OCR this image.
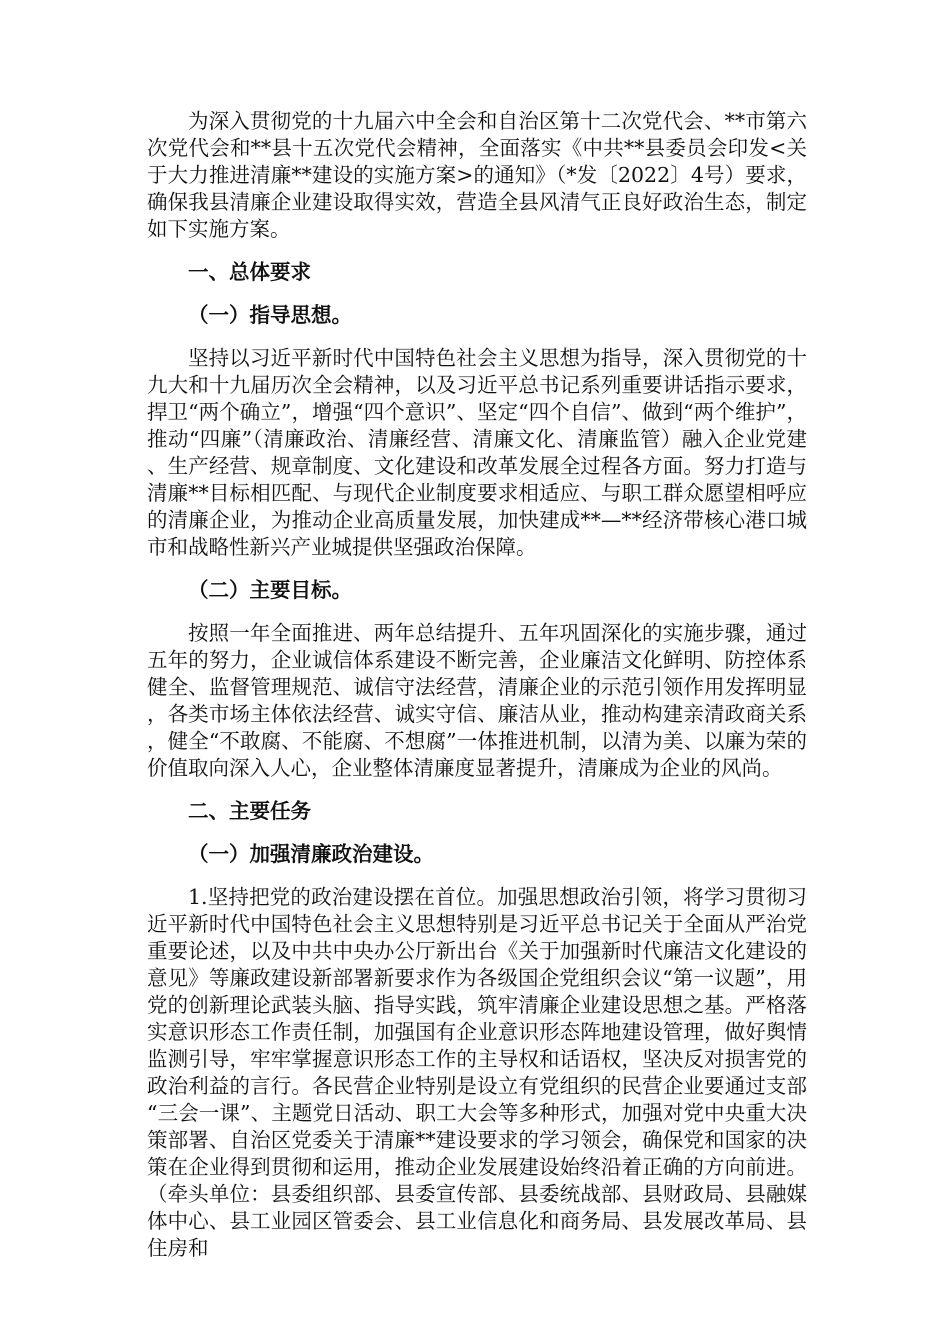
为深入贯彻党的十九届六中全会和自治区第十二次党代会、**市第六次党代会和**县十五次党代会精神，全面落实《中共**县委员会印发<关于大力推进清廉**建设的实施方案>的通知》（*发〔2022〕4号）要求，确保我县清廉企业建设取得实效，营造全县风清气正良好政治生态，制定如下实施方案。

一、总体要求

（一）指导思想。

坚持以习近平新时代中国特色社会主义思想为指导，深入贯彻党的十九大和十九届历次全会精神，以及习近平总书记系列重要讲话指示要求，捍卫“两个确立”，增强“四个意识”、坚定“四个自信”、做到“两个维护”，推动“四廉”（清廉政治、清廉经营、清廉文化、清廉监管）融入企业党建、生产经营、规章制度、文化建设和改革发展全过程各方面。努力打造与清廉**目标相匹配、与现代企业制度要求相适应、与职工群众愿望相呼应的清廉企业，为推动企业高质量发展，加快建成**—**经济带核心港口城市和战略性新兴产业城提供坚强政治保障。

（二）主要目标。

按照一年全面推进、两年总结提升、五年巩固深化的实施步骤，通过五年的努力，企业诚信体系建设不断完善，企业廉洁文化鲜明、防控体系健全、监督管理规范、诚信守法经营，清廉企业的示范引领作用发挥明显，各类市场主体依法经营、诚实守信、廉洁从业，推动构建亲清政商关系，健全“不敢腐、不能腐、不想腐”一体推进机制，以清为美、以廉为荣的价值取向深入人心，企业整体清廉度显著提升，清廉成为企业的风尚。

二、主要任务

（一）加强清廉政治建设。

1.坚持把党的政治建设摆在首位。加强思想政治引领，将学习贯彻习近平新时代中国特色社会主义思想特别是习近平总书记关于全面从严治党重要论述，以及中共中央办公厅新出台《关于加强新时代廉洁文化建设的意见》等廉政建设新部署新要求作为各级国企党组织会议“第一议题”，用党的创新理论武装头脑、指导实践，筑牢清廉企业建设思想之基。严格落实意识形态工作责任制，加强国有企业意识形态阵地建设管理，做好舆情监测引导，牢牢掌握意识形态工作的主导权和话语权，坚决反对损害党的政治利益的言行。各民营企业特别是设立有党组织的民营企业要通过支部“三会一课”、主题党日活动、职工大会等多种形式，加强对党中央重大决策部署、自治区党委关于清廉**建设要求的学习领会，确保党和国家的决策在企业得到贯彻和运用，推动企业发展建设始终沿着正确的方向前进。（牵头单位：县委组织部、县委宣传部、县委统战部、县财政局、县融媒体中心、县工业园区管委会、县工业信息化和商务局、县发展改革局、县住房和
